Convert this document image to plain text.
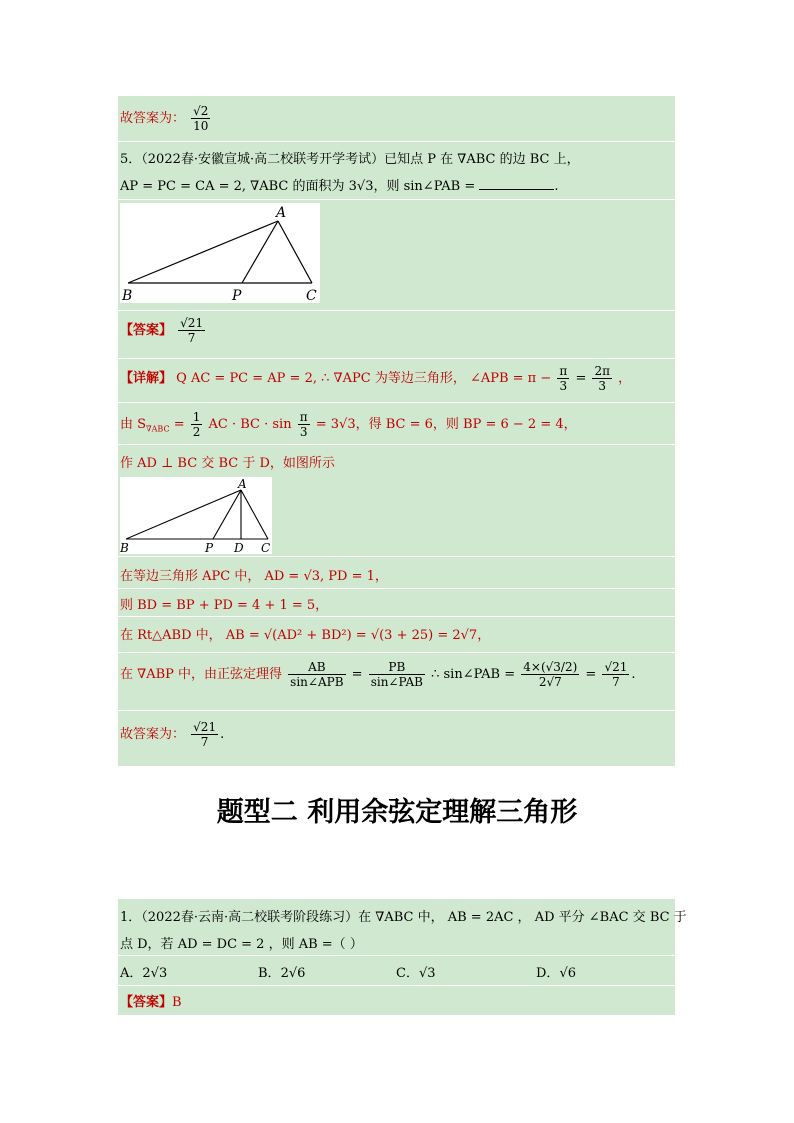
故答案为： $\frac{√2}{10}$
5．（2022春·安徽宣城·高二校联考开学考试）已知点 P 在 ∇ABC 的边 BC 上，
AP = PC = CA = 2, ∇ABC 的面积为 3√3，则 sin∠PAB =	.
A
B	P	C
【答案】 $\frac{√21}{7}$
【详解】 Q AC = PC = AP = 2, ∴ ∇APC 为等边三角形， ∠APB = $\pi - \frac{\pi}{3} = \frac{2\pi}{3}$ ，
由 $S_{\nabla ABC} = \frac{1}{2}$ AC · BC · $\sin \frac{\pi}{3} = 3√3$，得 BC = 6，则 BP = 6 − 2 = 4，
作 AD ⊥ BC 交 BC 于 D，如图所示
A
B	P D C
在等边三角形 APC 中， AD = √3, PD = 1，
则 BD = BP + PD = 4 + 1 = 5，
在 Rt△ABD 中， AB = √(AD² + BD²) = √(3 + 25) = 2√7，
在 ∇ABP 中，由正弦定理得 $\frac{AB}{\text{sin∠APB}} = \frac{PB}{\text{sin∠PAB}}$ ∴ sin∠PAB = $\frac{4\times(√3/2)}{2√7} = \frac{√21}{7}$ .
故答案为： $\frac{√21}{7}$ .
题型二 利用余弦定理解三角形
1．（2022春·云南·高二校联考阶段练习）在 ∇ABC 中， AB = 2AC ， AD 平分 ∠BAC 交 BC 于
点 D，若 AD = DC = 2 ，则 AB =（ ）
A．2√3	B．2√6	C．√3	D．√6
【答案】B
